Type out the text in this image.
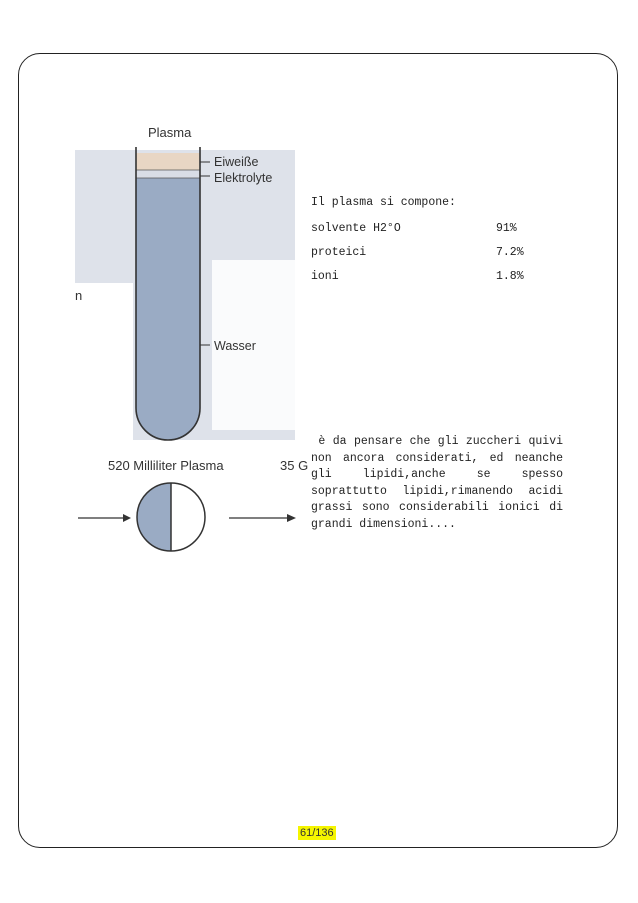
Plasma
Eiweiße
Elektrolyte
Wasser
n
520 Milliliter Plasma	35 G
Il plasma si compone:
solvente H2°O	91%
proteici	7.2%
ioni	1.8%
è da pensare che gli zuccheri quivi non ancora considerati, ed neanche gli lipidi,anche se spesso soprattutto lipidi,rimanendo acidi grassi sono considerabili ionici di grandi dimensioni....
61/136
